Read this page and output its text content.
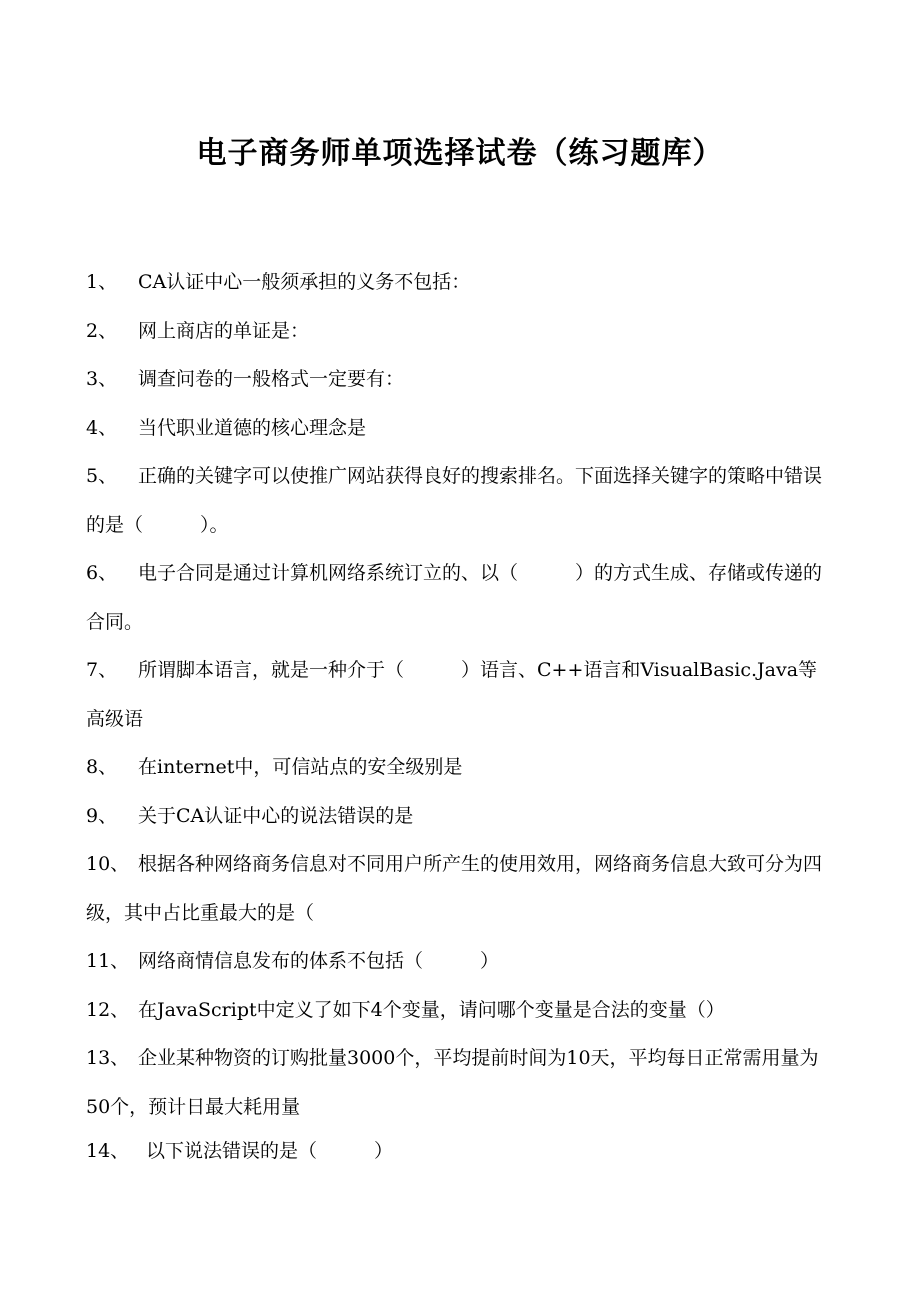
电子商务师单项选择试卷（练习题库）
1、 CA认证中心一般须承担的义务不包括：
2、 网上商店的单证是：
3、 调查问卷的一般格式一定要有：
4、 当代职业道德的核心理念是
5、 正确的关键字可以使推广网站获得良好的搜索排名。下面选择关键字的策略中错误的是（　　　）。
6、 电子合同是通过计算机网络系统订立的、以（　　　）的方式生成、存储或传递的合同。
7、 所谓脚本语言，就是一种介于（　　　）语言、C++语言和VisualBasic.Java等高级语
8、 在internet中，可信站点的安全级别是
9、 关于CA认证中心的说法错误的是
10、 根据各种网络商务信息对不同用户所产生的使用效用，网络商务信息大致可分为四级，其中占比重最大的是（
11、 网络商情信息发布的体系不包括（　　　）
12、 在JavaScript中定义了如下4个变量，请问哪个变量是合法的变量（）
13、 企业某种物资的订购批量3000个，平均提前时间为10天，平均每日正常需用量为50个，预计日最大耗用量
14、 以下说法错误的是（　　　）
